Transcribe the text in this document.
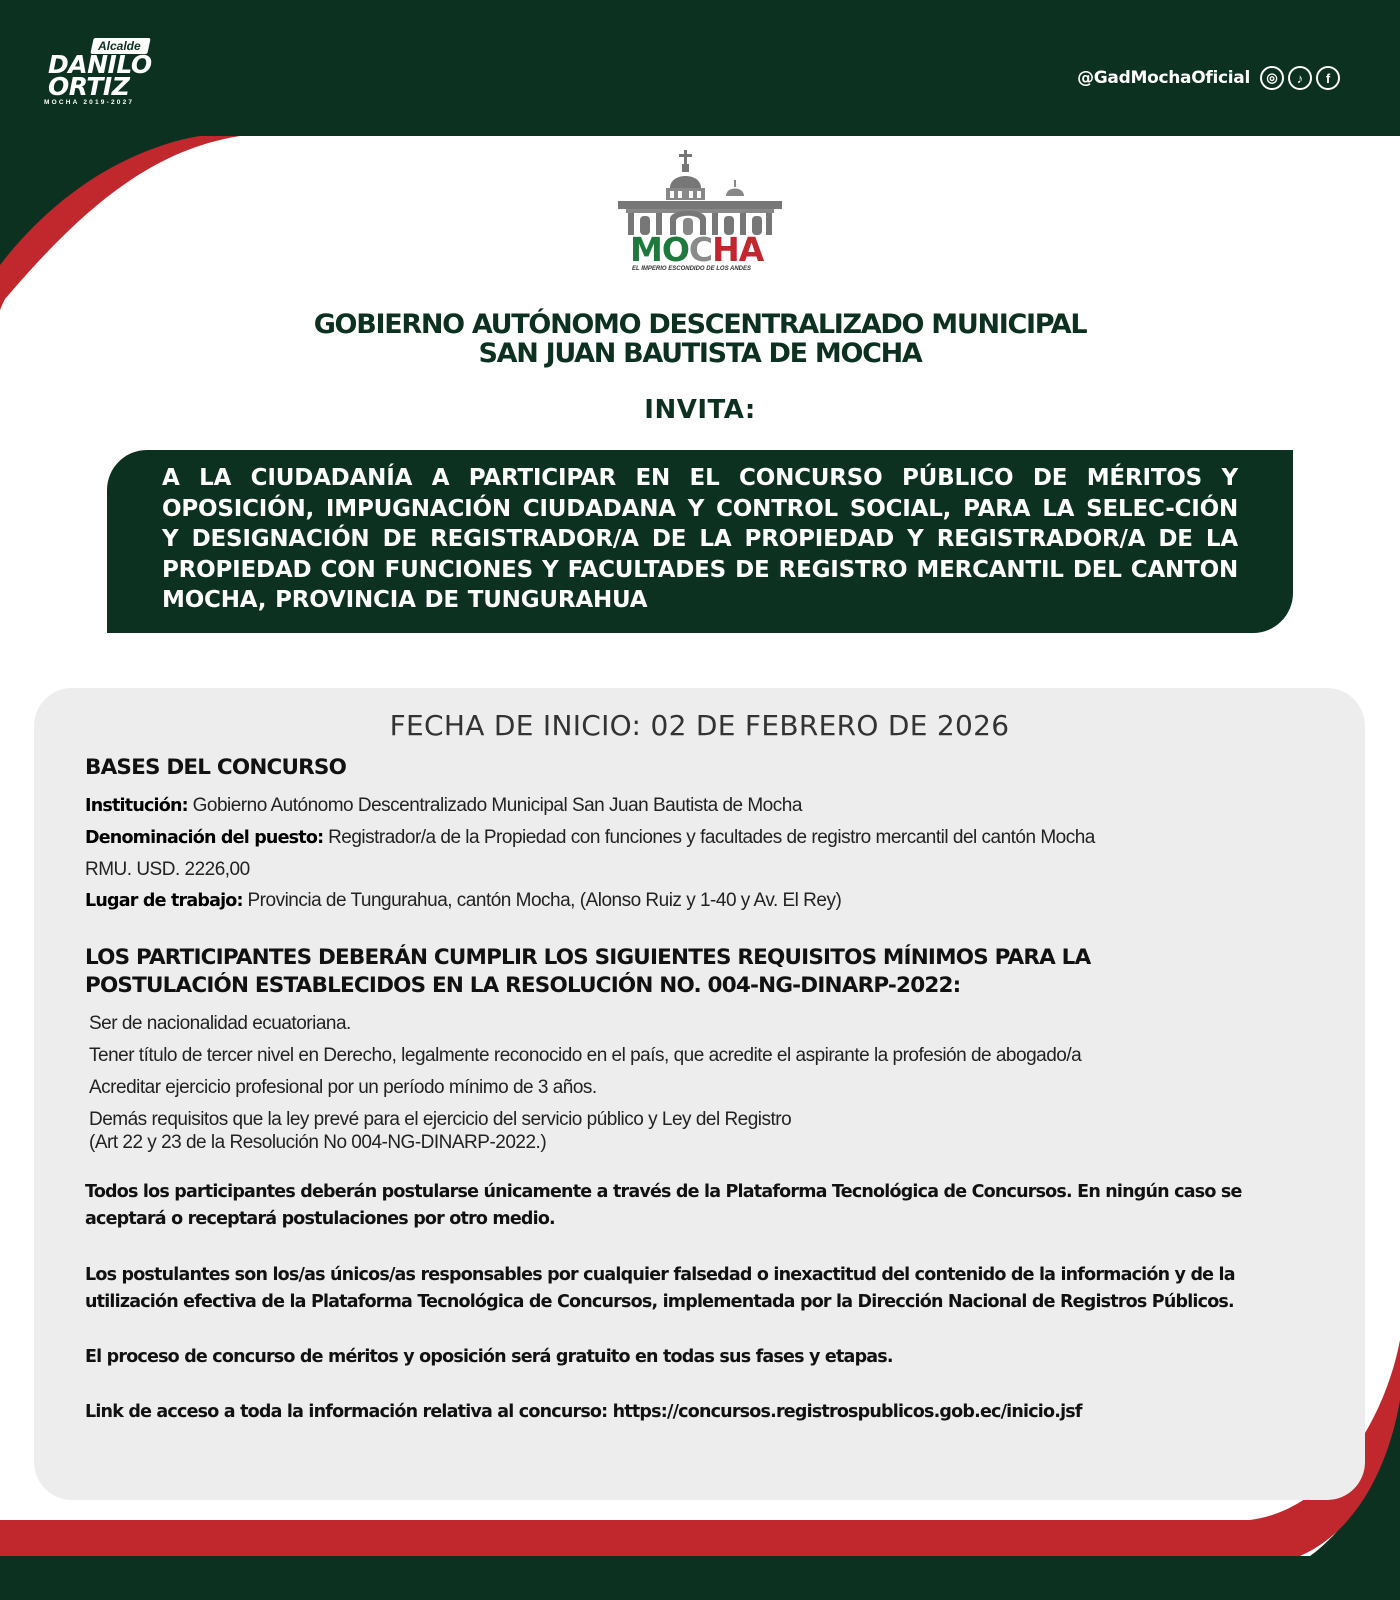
Alcalde
DANILO
ORTIZ
MOCHA 2019-2027
@GadMochaOficial	◎	♪	f
MOCHA
EL IMPERIO ESCONDIDO DE LOS ANDES
GOBIERNO AUTÓNOMO DESCENTRALIZADO MUNICIPAL
SAN JUAN BAUTISTA DE MOCHA
INVITA:
A LA CIUDADANÍA A PARTICIPAR EN EL CONCURSO PÚBLICO DE MÉRITOS Y OPOSICIÓN, IMPUGNACIÓN CIUDADANA Y CONTROL SOCIAL, PARA LA SELEC-CIÓN Y DESIGNACIÓN DE REGISTRADOR/A DE LA PROPIEDAD Y REGISTRADOR/A DE LA PROPIEDAD CON FUNCIONES Y FACULTADES DE REGISTRO MERCANTIL DEL CANTON MOCHA, PROVINCIA DE TUNGURAHUA
FECHA DE INICIO: 02 DE FEBRERO DE 2026
BASES DEL CONCURSO
Institución: Gobierno Autónomo Descentralizado Municipal San Juan Bautista de Mocha
Denominación del puesto: Registrador/a de la Propiedad con funciones y facultades de registro mercantil del cantón Mocha
RMU. USD. 2226,00
Lugar de trabajo: Provincia de Tungurahua, cantón Mocha, (Alonso Ruiz y 1-40 y Av. El Rey)
LOS PARTICIPANTES DEBERÁN CUMPLIR LOS SIGUIENTES REQUISITOS MÍNIMOS PARA LA
POSTULACIÓN ESTABLECIDOS EN LA RESOLUCIÓN NO. 004-NG-DINARP-2022:
Ser de nacionalidad ecuatoriana.
Tener título de tercer nivel en Derecho, legalmente reconocido en el país, que acredite el aspirante la profesión de abogado/a
Acreditar ejercicio profesional por un período mínimo de 3 años.
Demás requisitos que la ley prevé para el ejercicio del servicio público y Ley del Registro
(Art 22 y 23 de la Resolución No 004-NG-DINARP-2022.)
Todos los participantes deberán postularse únicamente a través de la Plataforma Tecnológica de Concursos. En ningún caso se aceptará o receptará postulaciones por otro medio.
Los postulantes son los/as únicos/as responsables por cualquier falsedad o inexactitud del contenido de la información y de la utilización efectiva de la Plataforma Tecnológica de Concursos, implementada por la Dirección Nacional de Registros Públicos.
El proceso de concurso de méritos y oposición será gratuito en todas sus fases y etapas.
Link de acceso a toda la información relativa al concurso: https://concursos.registrospublicos.gob.ec/inicio.jsf
